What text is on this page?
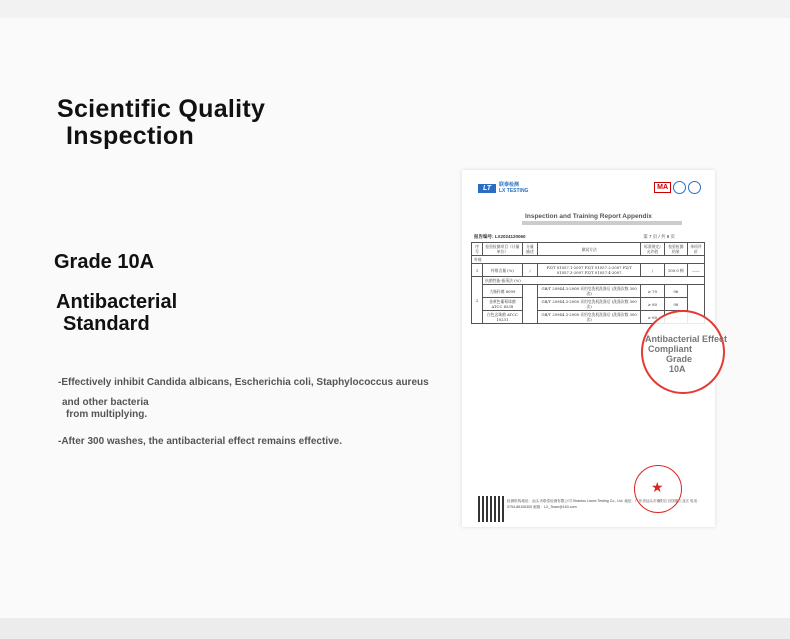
Scientific Quality
Inspection
Grade 10A
Antibacterial
Standard
-Effectively inhibit Candida albicans, Escherichia coli, Staphylococcus aureus
and other bacteria
from multiplying.
-After 300 washes, the antibacterial effect remains effective.
LT	联泰检测
LX TESTING	MA
Inspection and Training Report Appendix
报告编号: LX2024120060	第 7 页 / 共 8 页
序号	检验检测项目（计量单位）	分量描述	测试方法	标准规定/允许值	检验检测结果	单项评价
外观						
1	纤维含量 (%)	/	FZ/T 01057.1-2007 FZ/T 01057.2-2007 FZ/T 01057.3-2007 FZ/T 01057.4-2007	/	100.0 棉	——
2	抗菌性能-振荡法 (%)					
	大肠杆菌 8099		GB/T 20944.3-2008 采用皂洗机洗涤后 (洗涤次数 300 次)	≥ 70	96	
	金黄色葡萄球菌 ATCC 6538		GB/T 20944.3-2008 采用皂洗机洗涤后 (洗涤次数 300 次)	≥ 80	98	
	白色念珠菌 ATCC 10231		GB/T 20944.3-2008 采用皂洗机洗涤后 (洗涤次数 300 次)	≥ 60	
★
检测机构地址：汕头市联泰检测有限公司 Shantou Lianxi Testing Co., Ltd. 地址：广东省汕头市潮阳区谷饶镇工业区 电话：0754-86106300 邮箱：LX_Team@163.com
Antibacterial Effect
Compliant
Grade
10A
